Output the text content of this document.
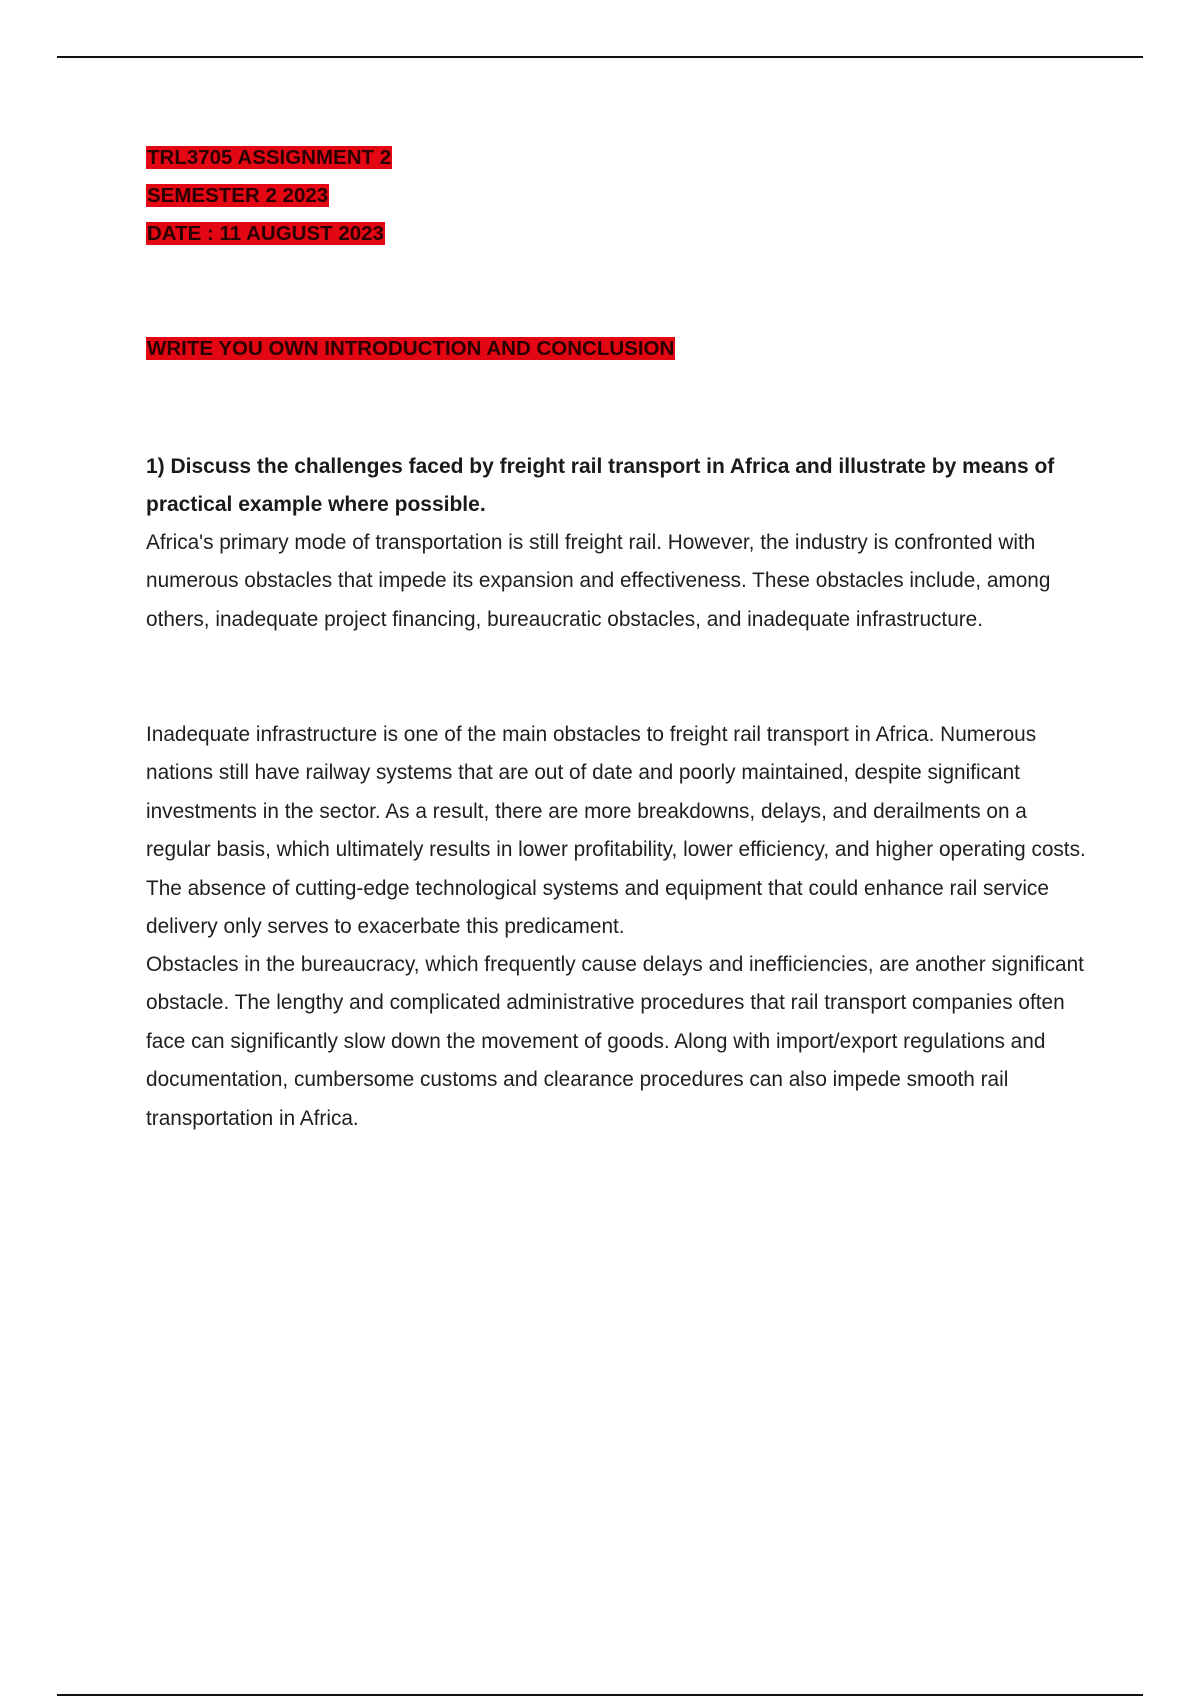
TRL3705 ASSIGNMENT 2
SEMESTER 2 2023
DATE : 11 AUGUST 2023
WRITE YOU OWN INTRODUCTION AND CONCLUSION

1) Discuss the challenges faced by freight rail transport in Africa and illustrate by means of practical example where possible.

Africa's primary mode of transportation is still freight rail. However, the industry is confronted with numerous obstacles that impede its expansion and effectiveness. These obstacles include, among others, inadequate project financing, bureaucratic obstacles, and inadequate infrastructure.

Inadequate infrastructure is one of the main obstacles to freight rail transport in Africa. Numerous nations still have railway systems that are out of date and poorly maintained, despite significant investments in the sector. As a result, there are more breakdowns, delays, and derailments on a regular basis, which ultimately results in lower profitability, lower efficiency, and higher operating costs. The absence of cutting-edge technological systems and equipment that could enhance rail service delivery only serves to exacerbate this predicament.

Obstacles in the bureaucracy, which frequently cause delays and inefficiencies, are another significant obstacle. The lengthy and complicated administrative procedures that rail transport companies often face can significantly slow down the movement of goods. Along with import/export regulations and documentation, cumbersome customs and clearance procedures can also impede smooth rail transportation in Africa.
